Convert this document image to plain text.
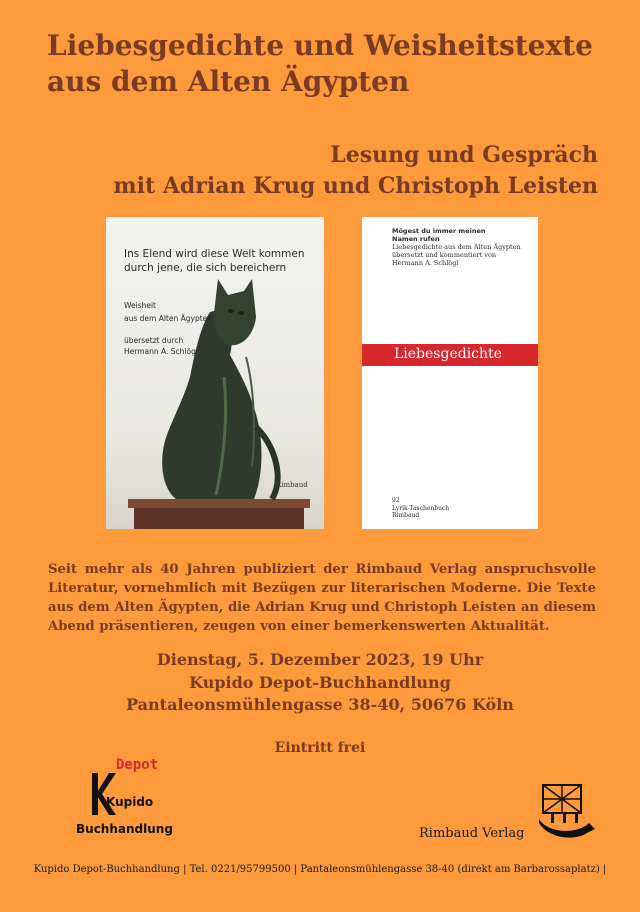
Liebesgedichte und Weisheitstexte
aus dem Alten Ägypten
Lesung und Gespräch
mit Adrian Krug und Christoph Leisten
Ins Elend wird diese Welt kommen durch jene, die sich bereichern
Weisheit
aus dem Alten Ägypten
übersetzt durch
Hermann A. Schlögl
Rimbaud
Mögest du immer meinen Namen rufen
Liebesgedichte aus dem Alten Ägypten übersetzt und kommentiert von Hermann A. Schlögl
Liebesgedichte
92
Lyrik-Taschenbuch
Rimbaud

Seit mehr als 40 Jahren publiziert der Rimbaud Verlag anspruchsvolle Literatur, vornehmlich mit Bezügen zur literarischen Moderne. Die Texte aus dem Alten Ägypten, die Adrian Krug und Christoph Leisten an diesem Abend präsentieren, zeugen von einer bemerkenswerten Aktualität.

Dienstag, 5. Dezember 2023, 19 Uhr
Kupido Depot-Buchhandlung
Pantaleonsmühlengasse 38-40, 50676 Köln
Eintritt frei
Depot
Kupido
Buchhandlung	Rimbaud Verlag
Kupido Depot-Buchhandlung | Tel. 0221/95799500 | Pantaleonsmühlengasse 38-40 (direkt am Barbarossaplatz) |
